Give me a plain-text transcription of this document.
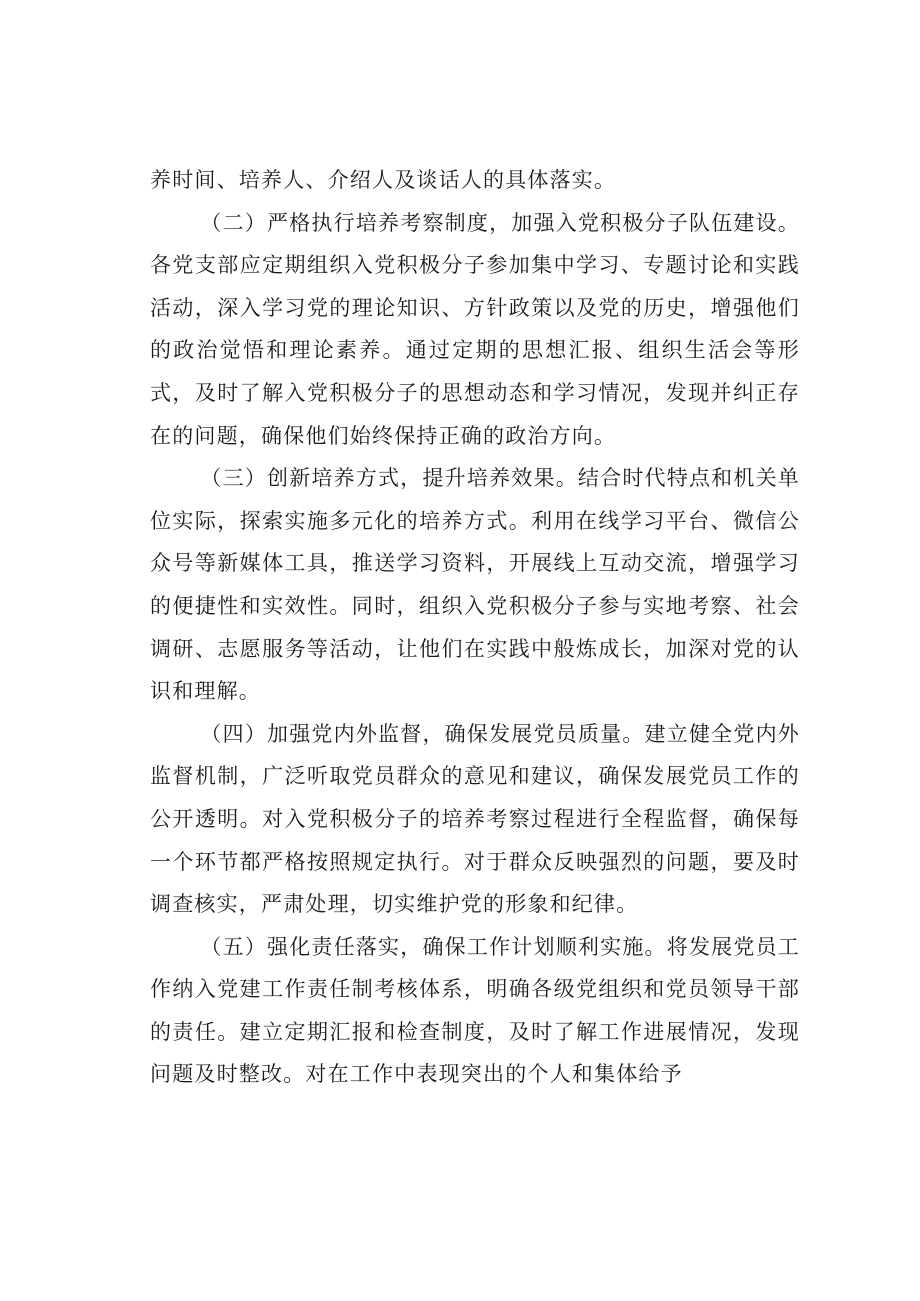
养时间、培养人、介绍人及谈话人的具体落实。

（二）严格执行培养考察制度，加强入党积极分子队伍建设。各党支部应定期组织入党积极分子参加集中学习、专题讨论和实践活动，深入学习党的理论知识、方针政策以及党的历史，增强他们的政治觉悟和理论素养。通过定期的思想汇报、组织生活会等形式，及时了解入党积极分子的思想动态和学习情况，发现并纠正存在的问题，确保他们始终保持正确的政治方向。

（三）创新培养方式，提升培养效果。结合时代特点和机关单位实际，探索实施多元化的培养方式。利用在线学习平台、微信公众号等新媒体工具，推送学习资料，开展线上互动交流，增强学习的便捷性和实效性。同时，组织入党积极分子参与实地考察、社会调研、志愿服务等活动，让他们在实践中般炼成长，加深对党的认识和理解。

（四）加强党内外监督，确保发展党员质量。建立健全党内外监督机制，广泛听取党员群众的意见和建议，确保发展党员工作的公开透明。对入党积极分子的培养考察过程进行全程监督，确保每一个环节都严格按照规定执行。对于群众反映强烈的问题，要及时调查核实，严肃处理，切实维护党的形象和纪律。

（五）强化责任落实，确保工作计划顺利实施。将发展党员工作纳入党建工作责任制考核体系，明确各级党组织和党员领导干部的责任。建立定期汇报和检查制度，及时了解工作进展情况，发现问题及时整改。对在工作中表现突出的个人和集体给予
